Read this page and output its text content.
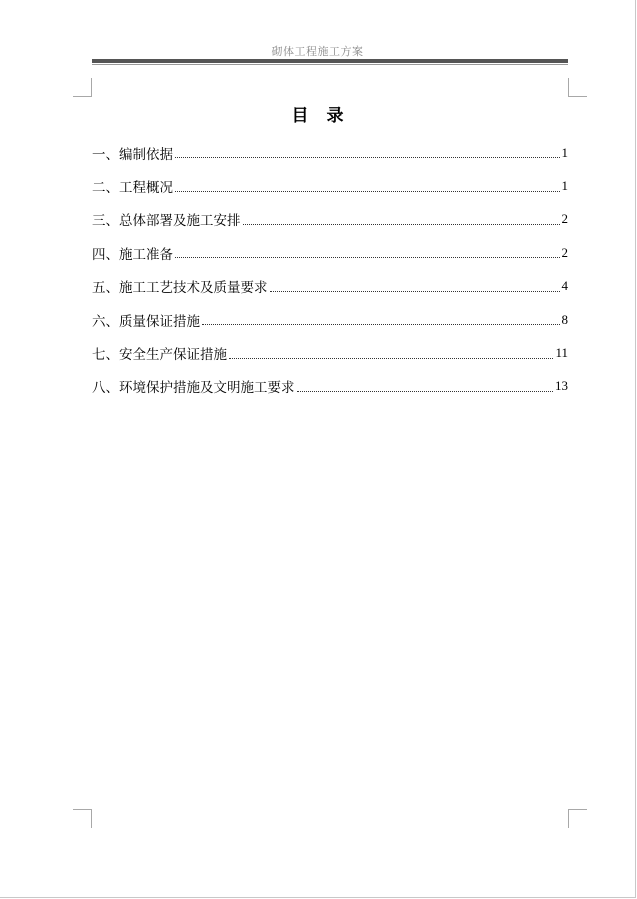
砌体工程施工方案
目录
一、编制依据	1
二、工程概况	1
三、总体部署及施工安排	2
四、施工准备	2
五、施工工艺技术及质量要求	4
六、质量保证措施	8
七、安全生产保证措施	11
八、环境保护措施及文明施工要求	13
